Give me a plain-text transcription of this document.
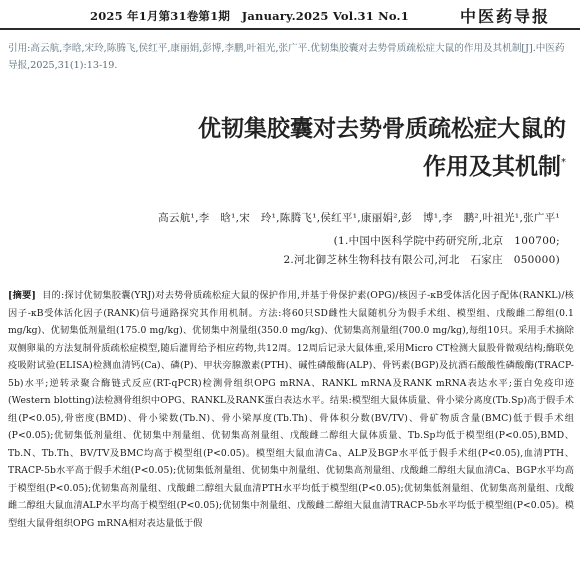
2025 年1月第31卷第1期　January.2025 Vol.31 No.1	中医药导报
引用:高云航,李晗,宋玲,陈腾飞,侯红平,康丽娟,彭博,李鹏,叶祖光,张广平.优韧集胶囊对去势骨质疏松症大鼠的作用及其机制[J].中医药导报,2025,31(1):13-19.
优韧集胶囊对去势骨质疏松症大鼠的
作用及其机制*
高云航¹,李　晗¹,宋　玲¹,陈腾飞¹,侯红平¹,康丽娟²,彭　博¹,李　鹏²,叶祖光¹,张广平¹
(1.中国中医科学院中药研究所,北京　100700;
2.河北御芝林生物科技有限公司,河北　石家庄　050000)
[摘要] 目的:探讨优韧集胶囊(YRJ)对去势骨质疏松症大鼠的保护作用,并基于骨保护素(OPG)/核因子-κB受体活化因子配体(RANKL)/核因子-κB受体活化因子(RANK)信号通路探究其作用机制。方法:将60只SD雌性大鼠随机分为假手术组、模型组、戊酸雌二醇组(0.1 mg/kg)、优韧集低剂量组(175.0 mg/kg)、优韧集中剂量组(350.0 mg/kg)、优韧集高剂量组(700.0 mg/kg),每组10只。采用手术摘除双侧卵巢的方法复制骨质疏松症模型,随后灌胃给予相应药物,共12周。12周后记录大鼠体重,采用Micro CT检测大鼠股骨微观结构;酶联免疫吸附试验(ELISA)检测血清钙(Ca)、磷(P)、甲状旁腺激素(PTH)、碱性磷酸酶(ALP)、骨钙素(BGP)及抗酒石酸酸性磷酸酶(TRACP-5b)水平;逆转录聚合酶链式反应(RT-qPCR)检测骨组织OPG mRNA、RANKL mRNA及RANK mRNA表达水平;蛋白免疫印迹(Western blotting)法检测骨组织中OPG、RANKL及RANK蛋白表达水平。结果:模型组大鼠体质量、骨小梁分离度(Tb.Sp)高于假手术组(P<0.05),骨密度(BMD)、骨小梁数(Tb.N)、骨小梁厚度(Tb.Th)、骨体积分数(BV/TV)、骨矿物质含量(BMC)低于假手术组(P<0.05);优韧集低剂量组、优韧集中剂量组、优韧集高剂量组、戊酸雌二醇组大鼠体质量、Tb.Sp均低于模型组(P<0.05),BMD、Tb.N、Tb.Th、BV/TV及BMC均高于模型组(P<0.05)。模型组大鼠血清Ca、ALP及BGP水平低于假手术组(P<0.05),血清PTH、TRACP-5b水平高于假手术组(P<0.05);优韧集低剂量组、优韧集中剂量组、优韧集高剂量组、戊酸雌二醇组大鼠血清Ca、BGP水平均高于模型组(P<0.05);优韧集高剂量组、戊酸雌二醇组大鼠血清PTH水平均低于模型组(P<0.05);优韧集低剂量组、优韧集高剂量组、戊酸雌二醇组大鼠血清ALP水平均高于模型组(P<0.05);优韧集中剂量组、戊酸雌二醇组大鼠血清TRACP-5b水平均低于模型组(P<0.05)。模型组大鼠骨组织OPG mRNA相对表达量低于假
